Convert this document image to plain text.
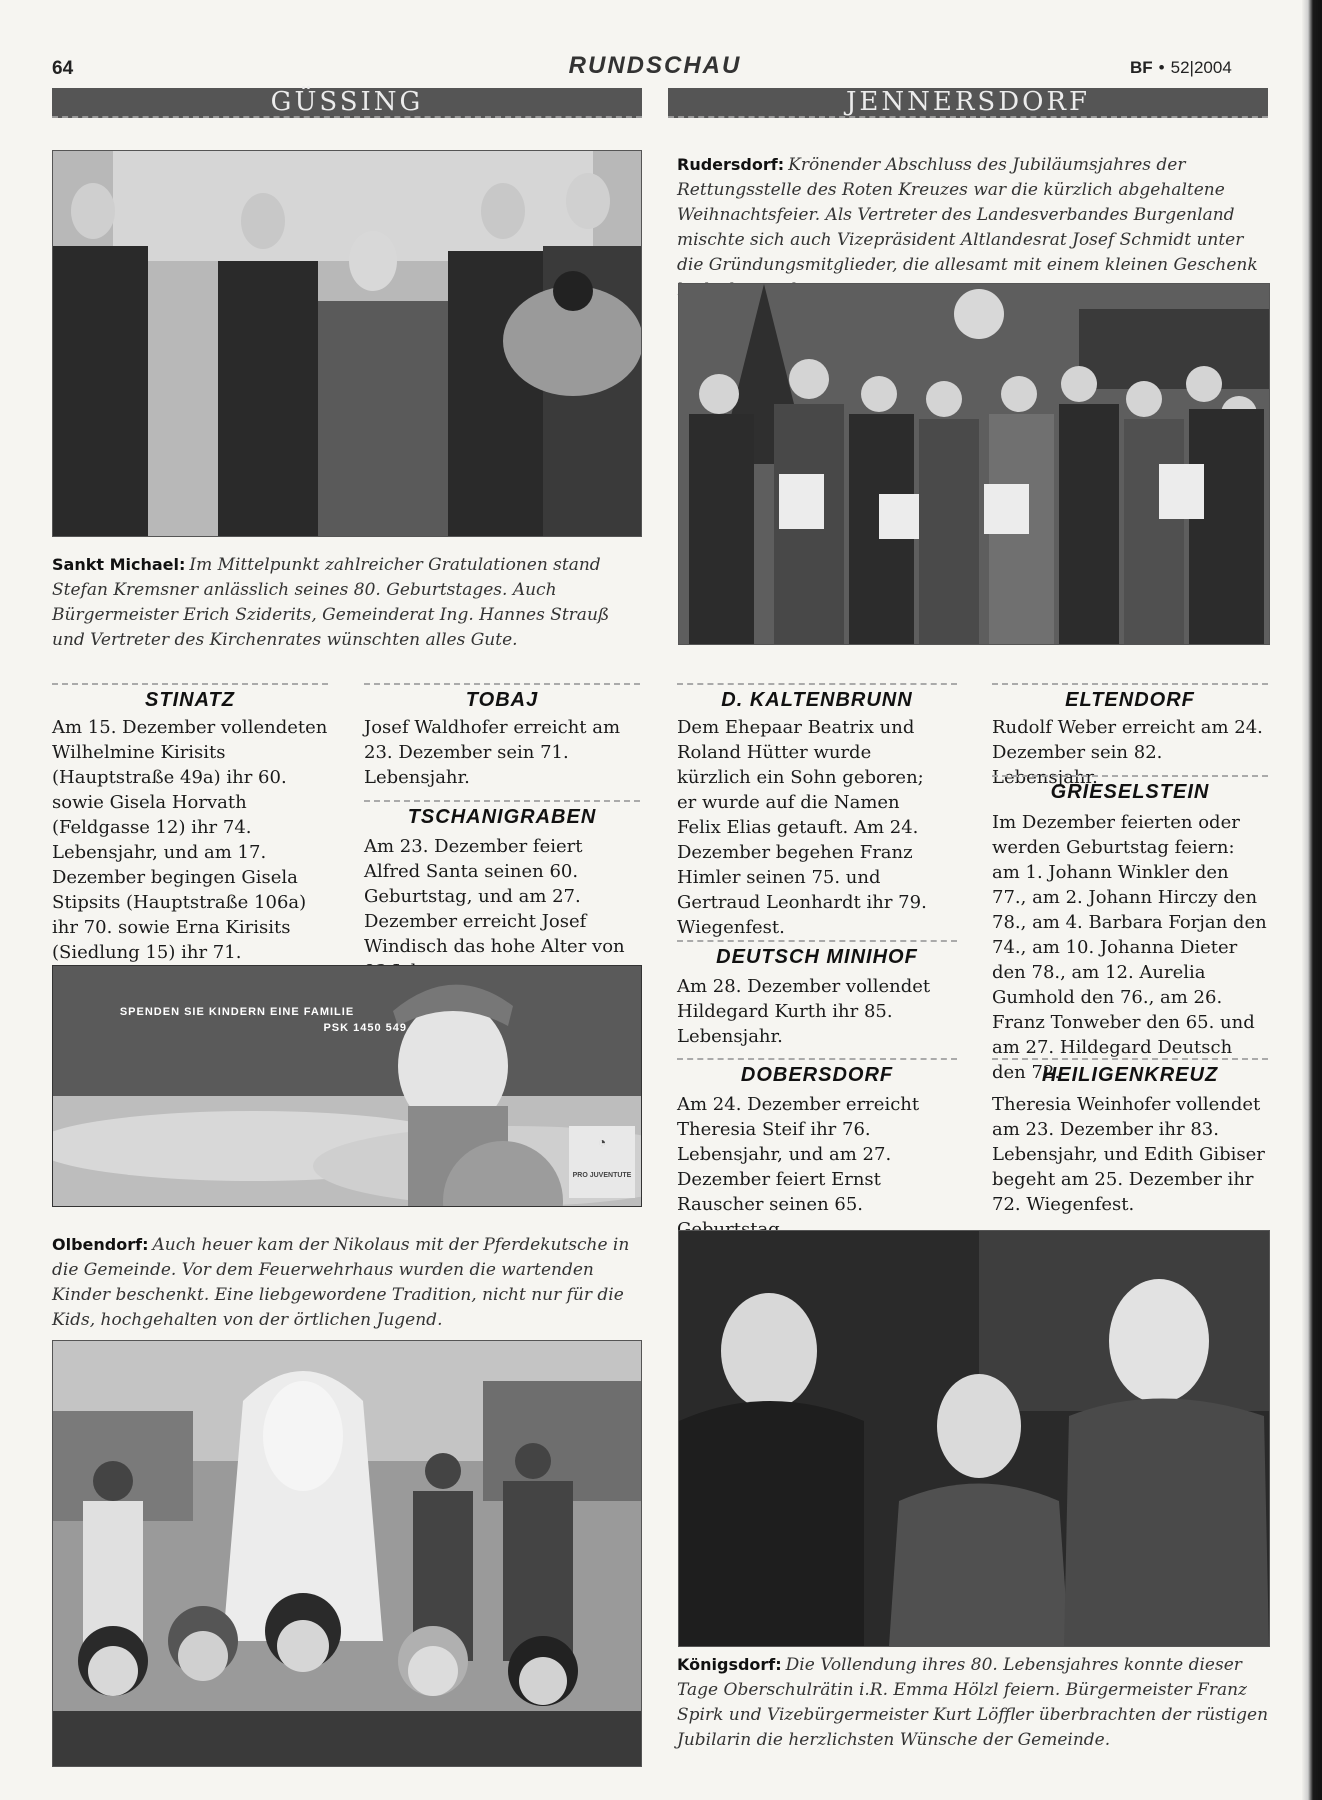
64	RUNDSCHAU	BF • 52|2004
GÜSSING	JENNERSDORF
Sankt Michael: Im Mittelpunkt zahlreicher Gratulationen stand Stefan Kremsner anlässlich seines 80. Geburtstages. Auch Bürgermeister Erich Sziderits, Gemeinderat Ing. Hannes Strauß und Vertreter des Kirchenrates wünschten alles Gute.
Rudersdorf: Krönender Abschluss des Jubiläumsjahres der Rettungsstelle des Roten Kreuzes war die kürzlich abgehaltene Weihnachtsfeier. Als Vertreter des Landesverbandes Burgenland mischte sich auch Vizepräsident Altlandesrat Josef Schmidt unter die Gründungsmitglieder, die allesamt mit einem kleinen Geschenk
STINATZ
Am 15. Dezember vollendeten Wilhelmine Kirisits (Hauptstraße 49a) ihr 60. sowie Gisela Horvath (Feldgasse 12) ihr 74. Lebensjahr, und am 17. Dezember begingen Gisela Stipsits (Hauptstraße 106a) ihr 70. sowie Erna Kirisits (Siedlung 15) ihr 71.
TOBAJ
Josef Waldhofer erreicht am 23. Dezember sein 71. Lebensjahr.
TSCHANIGRABEN
Am 23. Dezember feiert Alfred Santa seinen 60. Geburtstag, und am 27. Dezember erreicht Josef Windisch das hohe Alter von
SPENDEN SIE KINDERN EINE FAMILIE
PSK 1450 549
◔
PRO JUVENTUTE
Olbendorf: Auch heuer kam der Nikolaus mit der Pferdekutsche in die Gemeinde. Vor dem Feuerwehrhaus wurden die wartenden Kinder beschenkt. Eine liebgewordene Tradition, nicht nur für die Kids, hochgehalten von der örtlichen Jugend.
D. KALTENBRUNN
Dem Ehepaar Beatrix und Roland Hütter wurde kürzlich ein Sohn geboren; er wurde auf die Namen Felix Elias getauft. Am 24. Dezember begehen Franz Himler seinen 75. und Gertraud Leonhardt ihr 79. Wiegenfest.
DEUTSCH MINIHOF
Am 28. Dezember vollendet Hildegard Kurth ihr 85. Lebensjahr.
DOBERSDORF
Am 24. Dezember erreicht Theresia Steif ihr 76. Lebensjahr, und am 27. Dezember feiert Ernst Rauscher seinen 65.
ELTENDORF
Rudolf Weber erreicht am 24. Dezember sein 82. Lebensjahr.
GRIESELSTEIN
Im Dezember feierten oder werden Geburtstag feiern: am 1. Johann Winkler den 77., am 2. Johann Hirczy den 78., am 4. Barbara Forjan den 74., am 10. Johanna Dieter den 78., am 12. Aurelia Gumhold den 76., am 26. Franz Tonweber den 65. und am 27. Hildegard Deutsch den 72.
HEILIGENKREUZ
Theresia Weinhofer vollendet am 23. Dezember ihr 83. Lebensjahr, und Edith Gibiser begeht am 25. Dezember ihr 72. Wiegenfest.
Königsdorf: Die Vollendung ihres 80. Lebensjahres konnte dieser Tage Oberschulrätin i.R. Emma Hölzl feiern. Bürgermeister Franz Spirk und Vizebürgermeister Kurt Löffler überbrachten der rüstigen Jubilarin die herzlichsten Wünsche der Gemeinde.
